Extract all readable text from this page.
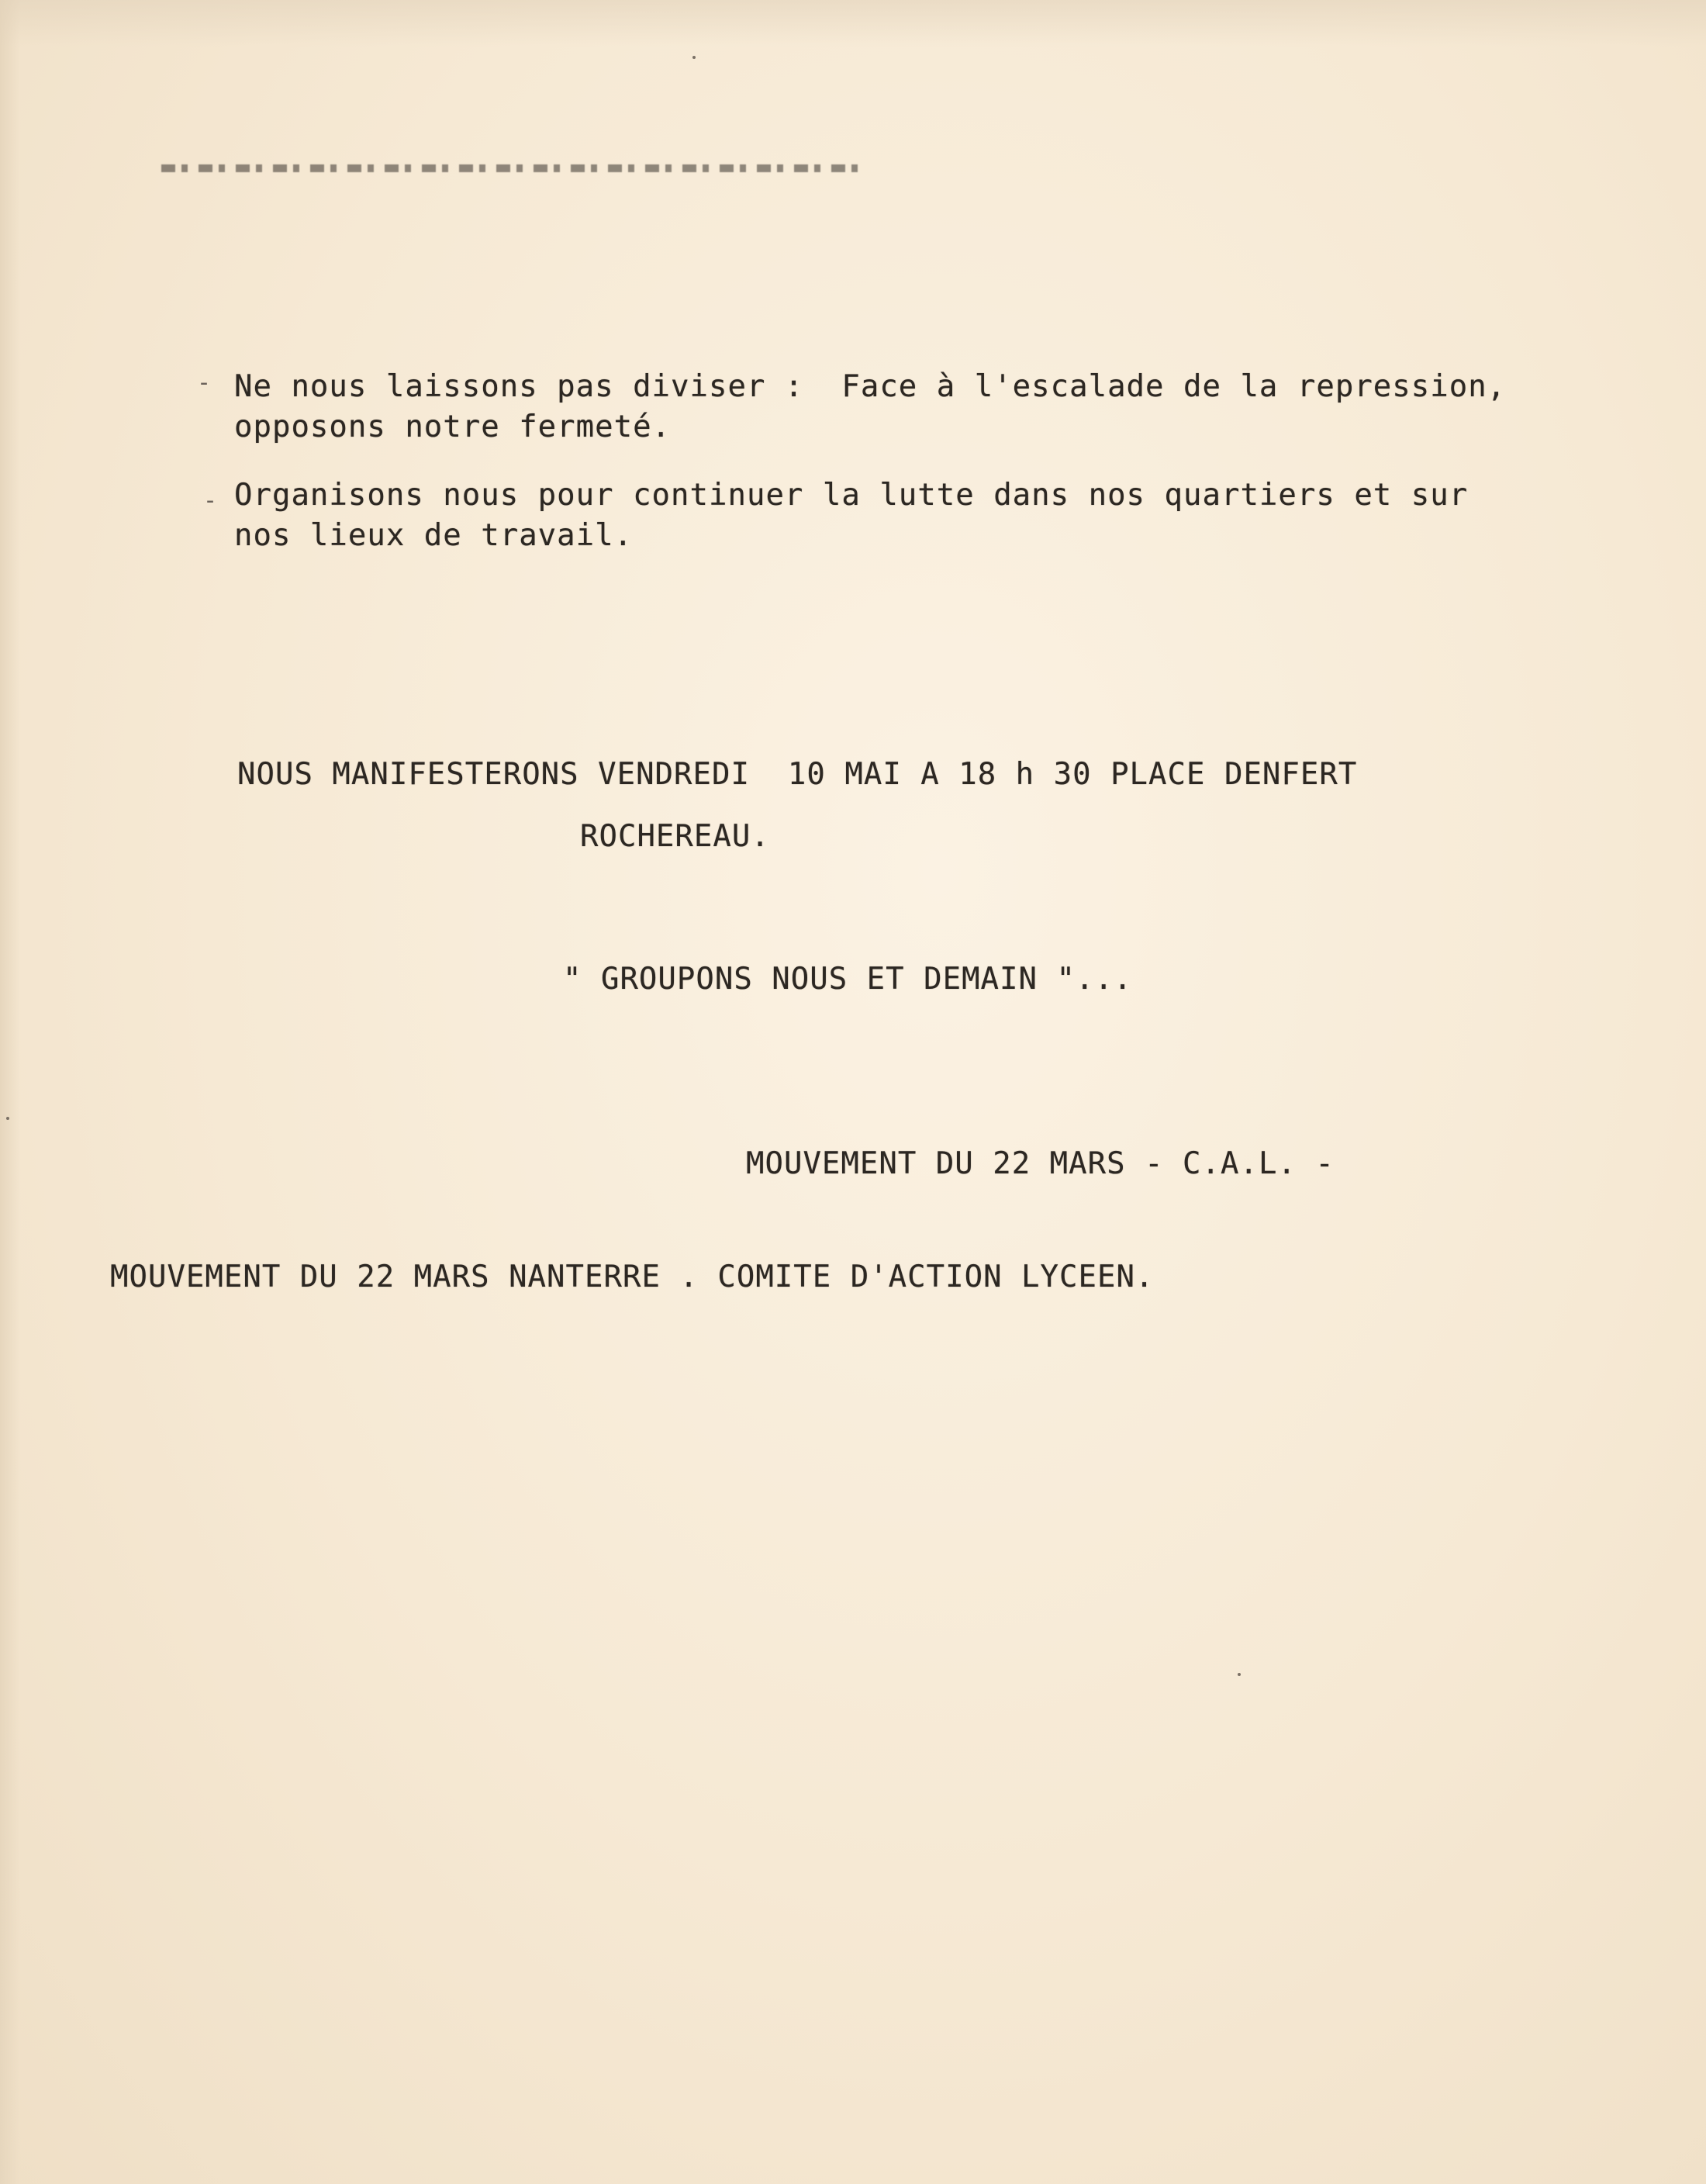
- Ne nous laissons pas diviser :  Face à l'escalade de la repression,
opposons notre fermeté.
- Organisons nous pour continuer la lutte dans nos quartiers et sur
nos lieux de travail.
NOUS MANIFESTERONS VENDREDI  10 MAI A 18 h 30 PLACE DENFERT
ROCHEREAU.
" GROUPONS NOUS ET DEMAIN "...
MOUVEMENT DU 22 MARS - C.A.L. -
MOUVEMENT DU 22 MARS NANTERRE . COMITE D'ACTION LYCEEN.
